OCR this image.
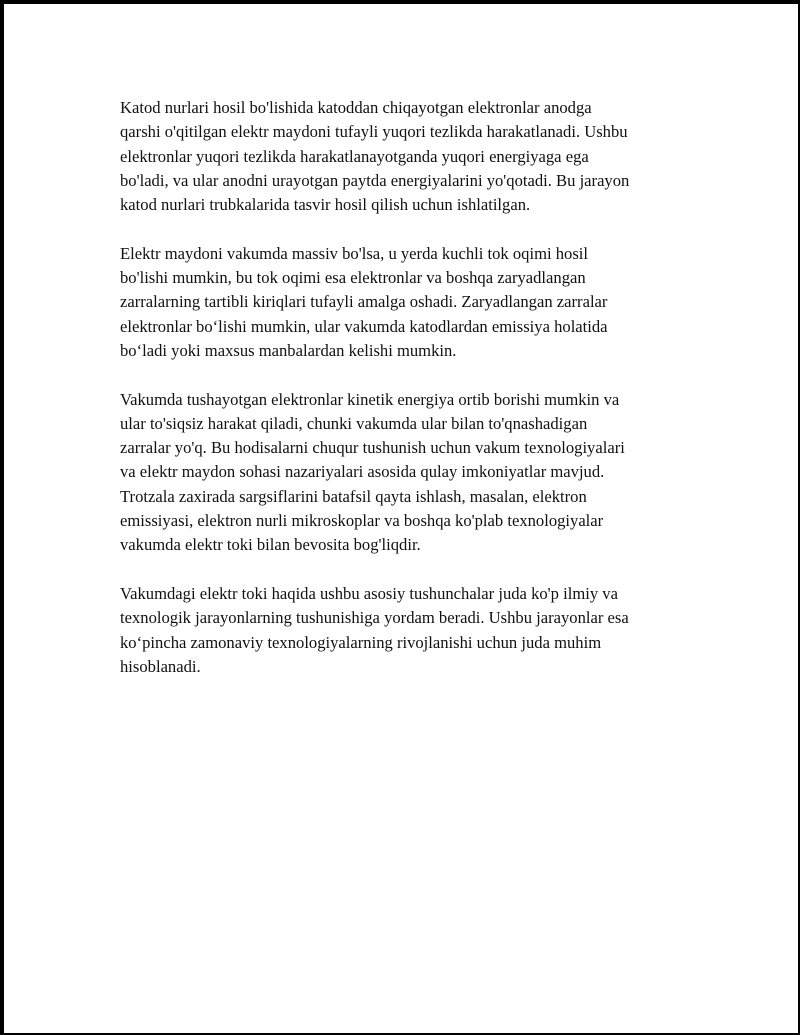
Katod nurlari hosil bo'lishida katoddan chiqayotgan elektronlar anodga
qarshi o'qitilgan elektr maydoni tufayli yuqori tezlikda harakatlanadi. Ushbu
elektronlar yuqori tezlikda harakatlanayotganda yuqori energiyaga ega
bo'ladi, va ular anodni urayotgan paytda energiyalarini yo'qotadi. Bu jarayon
katod nurlari trubkalarida tasvir hosil qilish uchun ishlatilgan.

Elektr maydoni vakumda massiv bo'lsa, u yerda kuchli tok oqimi hosil
bo'lishi mumkin, bu tok oqimi esa elektronlar va boshqa zaryadlangan
zarralarning tartibli kiriqlari tufayli amalga oshadi. Zaryadlangan zarralar
elektronlar bo‘lishi mumkin, ular vakumda katodlardan emissiya holatida
bo‘ladi yoki maxsus manbalardan kelishi mumkin.

Vakumda tushayotgan elektronlar kinetik energiya ortib borishi mumkin va
ular to'siqsiz harakat qiladi, chunki vakumda ular bilan to'qnashadigan
zarralar yo'q. Bu hodisalarni chuqur tushunish uchun vakum texnologiyalari
va elektr maydon sohasi nazariyalari asosida qulay imkoniyatlar mavjud.
Trotzala zaxirada sargsiflarini batafsil qayta ishlash, masalan, elektron
emissiyasi, elektron nurli mikroskoplar va boshqa ko'plab texnologiyalar
vakumda elektr toki bilan bevosita bog'liqdir.

Vakumdagi elektr toki haqida ushbu asosiy tushunchalar juda ko'p ilmiy va
texnologik jarayonlarning tushunishiga yordam beradi. Ushbu jarayonlar esa
ko‘pincha zamonaviy texnologiyalarning rivojlanishi uchun juda muhim
hisoblanadi.
